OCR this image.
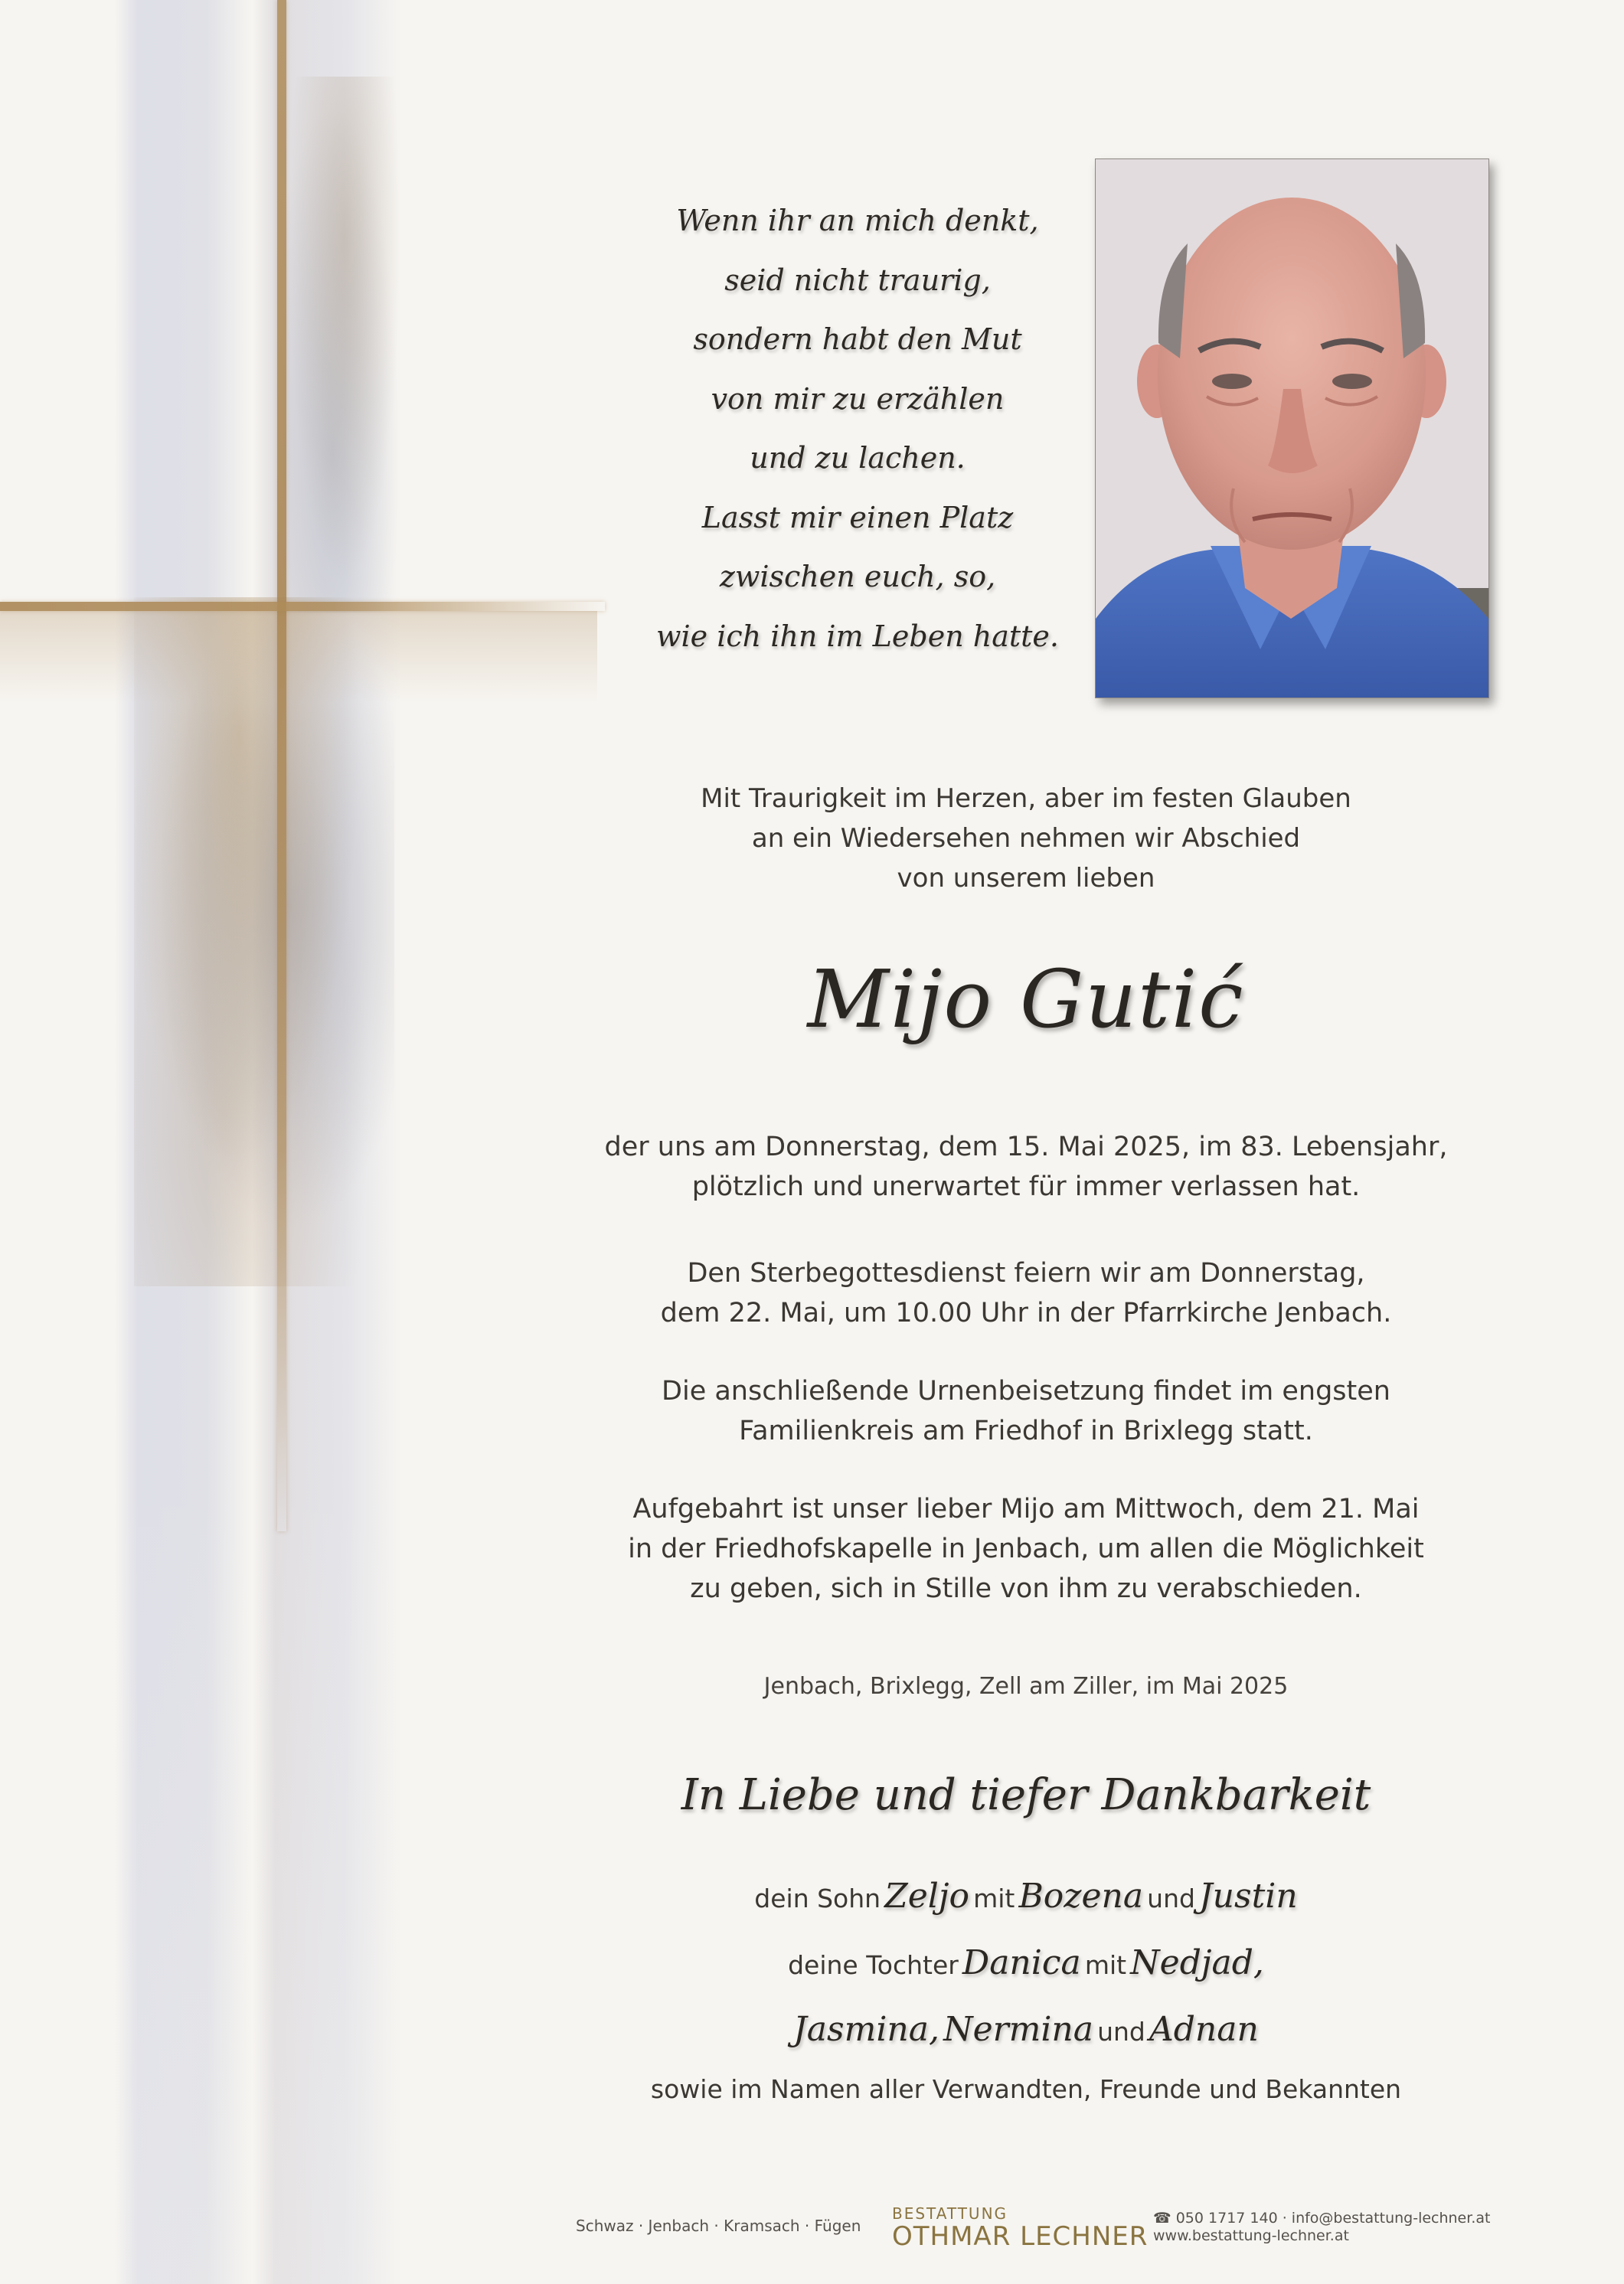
Wenn ihr an mich denkt,
seid nicht traurig,
sondern habt den Mut
von mir zu erzählen
und zu lachen.
Lasst mir einen Platz
zwischen euch, so,
wie ich ihn im Leben hatte.
Mit Traurigkeit im Herzen, aber im festen Glauben
an ein Wiedersehen nehmen wir Abschied
von unserem lieben
Mijo Gutić
der uns am Donnerstag, dem 15. Mai 2025, im 83. Lebensjahr,
plötzlich und unerwartet für immer verlassen hat.
Den Sterbegottesdienst feiern wir am Donnerstag,
dem 22. Mai, um 10.00 Uhr in der Pfarrkirche Jenbach.
Die anschließende Urnenbeisetzung findet im engsten
Familienkreis am Friedhof in Brixlegg statt.
Aufgebahrt ist unser lieber Mijo am Mittwoch, dem 21. Mai
in der Friedhofskapelle in Jenbach, um allen die Möglichkeit
zu geben, sich in Stille von ihm zu verabschieden.
Jenbach, Brixlegg, Zell am Ziller, im Mai 2025
In Liebe und tiefer Dankbarkeit
dein Sohn Zeljo mit Bozena und Justin
deine Tochter Danica mit Nedjad,
Jasmina, Nermina und Adnan
sowie im Namen aller Verwandten, Freunde und Bekannten
Schwaz · Jenbach · Kramsach · Fügen
BESTATTUNG
OTHMAR LECHNER
☎ 050 1717 140 · info@bestattung-lechner.at
www.bestattung-lechner.at
